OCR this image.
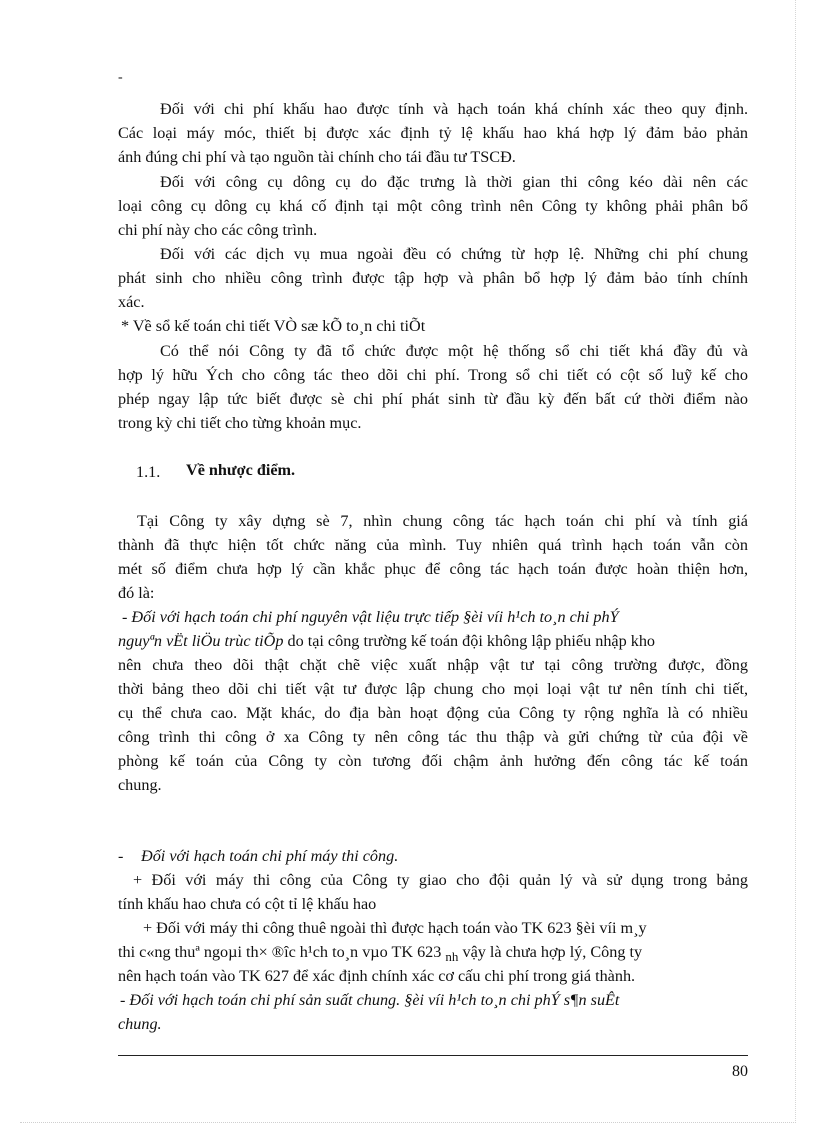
-
Đối với chi phí khấu hao được tính và hạch toán khá chính xác theo quy định.
Các loại máy móc, thiết bị được xác định tỷ lệ khấu hao khá hợp lý đảm bảo phản
ánh đúng chi phí và tạo nguồn tài chính cho tái đầu tư TSCĐ.
Đối với công cụ dông cụ do đặc trưng là thời gian thi công kéo dài nên các
loại công cụ dông cụ khá cố định tại một công trình nên Công ty không phải phân bổ
chi phí này cho các công trình.
Đối với các dịch vụ mua ngoài đều có chứng từ hợp lệ. Những chi phí chung
phát sinh cho nhiều công trình được tập hợp và phân bổ hợp lý đảm bảo tính chính
xác.
* Về sổ kế toán chi tiết VÒ sæ kÕ to¸n chi tiÕt
Có thể nói Công ty đã tổ chức được một hệ thống sổ chi tiết khá đầy đủ và
hợp lý hữu Ých cho công tác theo dõi chi phí. Trong sổ chi tiết có cột số luỹ kế cho
phép ngay lập tức biết được sè chi phí phát sinh từ đầu kỳ đến bất cứ thời điểm nào
trong kỳ chi tiết cho từng khoản mục.
1.1.	Về nhược điểm.
Tại Công ty xây dựng sè 7, nhìn chung công tác hạch toán chi phí và tính giá
thành đã thực hiện tốt chức năng của mình. Tuy nhiên quá trình hạch toán vẫn còn
mét số điểm chưa hợp lý cần khắc phục để công tác hạch toán được hoàn thiện hơn,
đó là:
- Đối với hạch toán chi phí nguyên vật liệu trực tiếp §èi víi h¹ch to¸n chi phÝ
nguyªn vËt liÖu trùc tiÕp do tại công trường kế toán đội không lập phiếu nhập kho
nên chưa theo dõi thật chặt chẽ việc xuất nhập vật tư tại công trường được, đồng
thời bảng theo dõi chi tiết vật tư được lập chung cho mọi loại vật tư nên tính chi tiết,
cụ thể chưa cao. Mặt khác, do địa bàn hoạt động của Công ty rộng nghĩa là có nhiều
công trình thi công ở xa Công ty nên công tác thu thập và gửi chứng từ của đội về
phòng kế toán của Công ty còn tương đối chậm ảnh hưởng đến công tác kế toán
chung.
-	Đối với hạch toán chi phí máy thi công.
+ Đối với máy thi công của Công ty giao cho đội quản lý và sử dụng trong bảng
tính khấu hao chưa có cột tỉ lệ khấu hao
+ Đối với máy thi công thuê ngoài thì được hạch toán vào TK 623 §èi víi m¸y
thi c«ng thuª ngoµi th× ®îc h¹ch to¸n vµo TK 623 $_{nh}$ vậy là chưa hợp lý, Công ty
nên hạch toán vào TK 627 để xác định chính xác cơ cấu chi phí trong giá thành.
- Đối với hạch toán chi phí sản suất chung. §èi víi h¹ch to¸n chi phÝ s¶n suÊt
chung.
80
